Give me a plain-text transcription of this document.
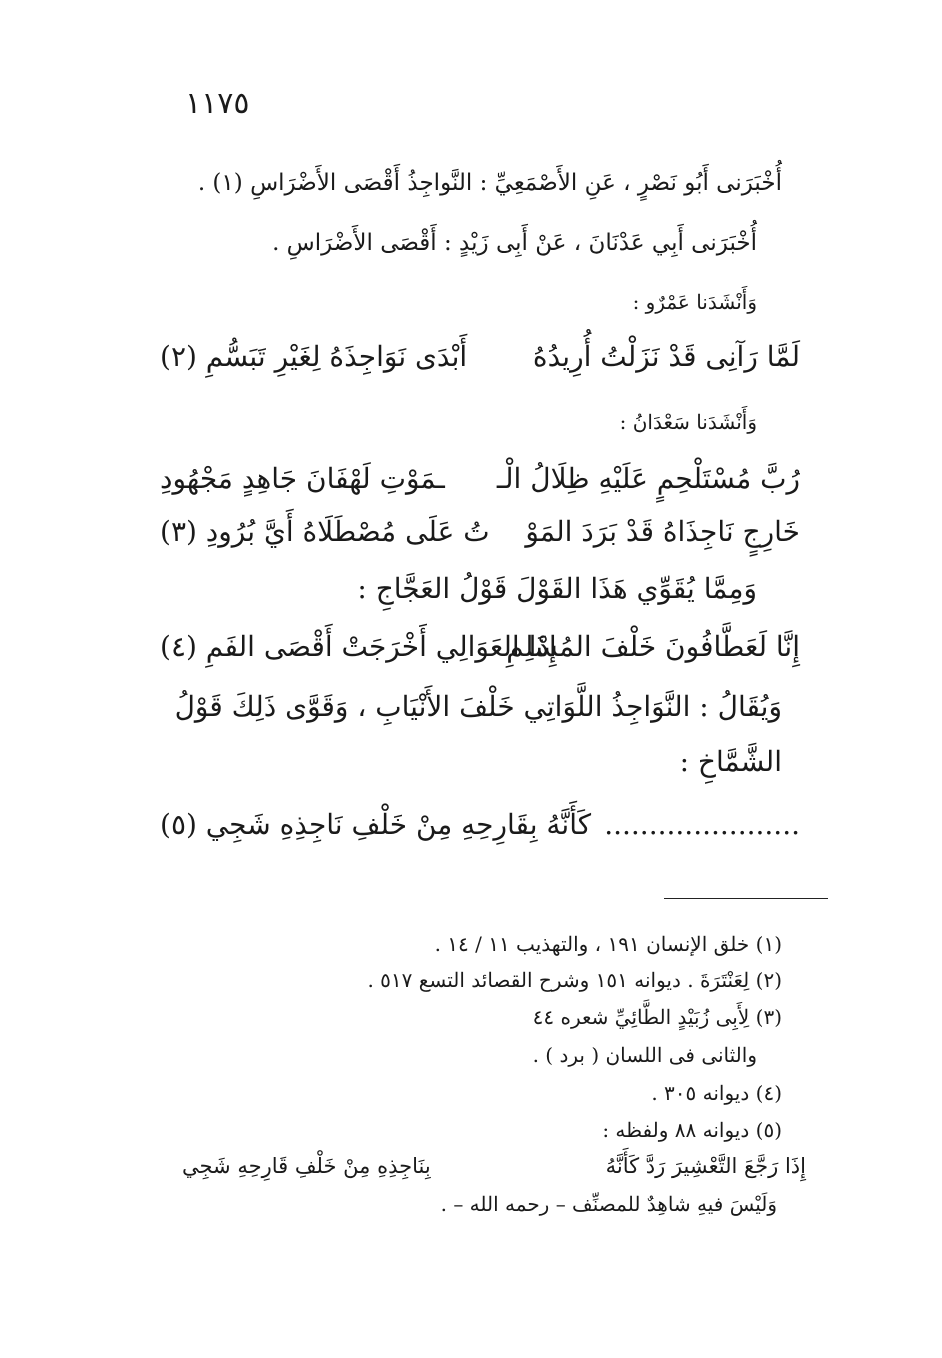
١١٧٥
أُخْبَرَنى أَبُو نَصْرٍ ، عَنِ الأَصْمَعِيِّ : النَّواجِذُ أَقْصَى الأَضْرَاسِ (١) .
أُخْبَرَنى أَبِي عَدْنَانَ ، عَنْ أَبِى زَيْدٍ : أَقْصَى الأَضْرَاسِ .
وَأَنْشَدَنا عَمْرٌو :
لَمَّا رَآنِى قَدْ نَزَلْتُ أُرِيدُهُ
أَبْدَى نَوَاجِذَهُ لِغَيْرِ تَبَسُّمِ (٢)
وَأَنْشَدَنا سَعْدَانُ :
رُبَّ مُسْتَلْحِمٍ عَلَيْهِ ظِلَالُ الْـ
ـمَوْتِ لَهْفَانَ جَاهِدٍ مَجْهُودِ
خَارِجٍ نَاجِذَاهُ قَدْ بَرَدَ المَوْ
تُ عَلَى مُصْطَلَاهُ أَيَّ بُرُودِ (٣)
وَمِمَّا يُقَوِّي هَذَا القَوْلَ قَوْلُ العَجَّاجِ :
إِنَّا لَعَطَّافُونَ خَلْفَ المُسْلِمِ
إِذَا العَوَالِي أَخْرَجَتْ أَقْصَى الفَمِ (٤)
وَيُقَالُ : النَّوَاجِذُ اللَّوَاتِي خَلْفَ الأَنْيَابِ ، وَقَوَّى ذَلِكَ قَوْلُ
الشَّمَّاخِ :
......................
كَأَنَّهُ بِقَارِحِهِ مِنْ خَلْفِ نَاجِذِهِ شَجِي (٥)
(١) خلق الإنسان ١٩١ ، والتهذيب ١١ / ١٤ .
(٢) لِعَنْتَرَةَ . ديوانه ١٥١ وشرح القصائد التسع ٥١٧ .
(٣) لِأَبِى زُبَيْدٍ الطَّائِيِّ شعره ٤٤
والثانى فى اللسان ( برد ) .
(٤) ديوانه ٣٠٥ .
(٥) ديوانه ٨٨ ولفظه :
إِذَا رَجَّعَ التَّعْشِيرَ رَدَّ كَأَنَّهُ
بِنَاجِذِهِ مِنْ خَلْفِ قَارِحِهِ شَجِي
وَلَيْسَ فيهِ شاهِدٌ للمصنِّف – رحمه الله – .
